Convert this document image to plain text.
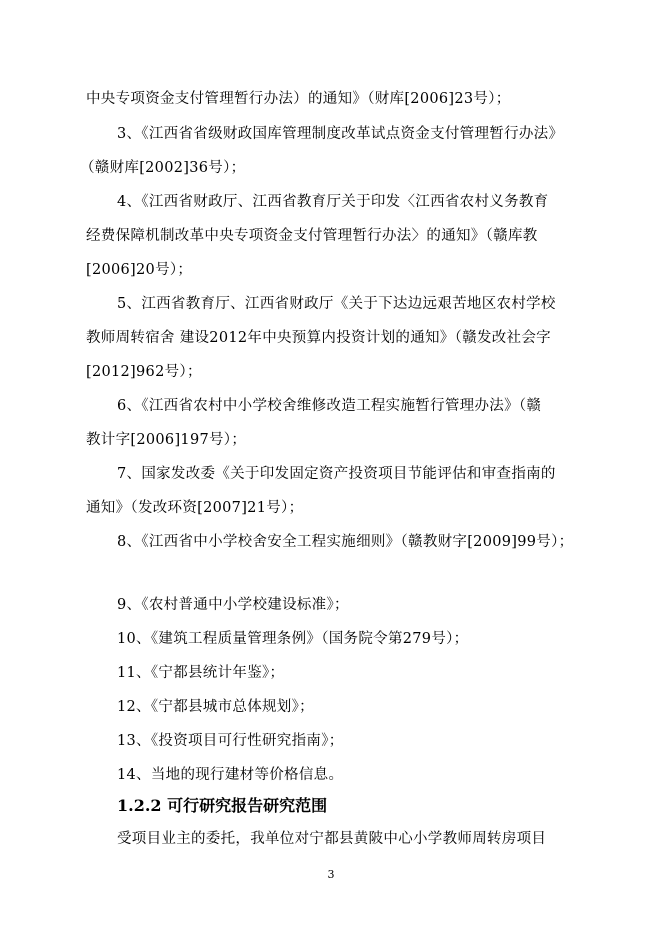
中央专项资金支付管理暂行办法）的通知》（财库[2006]23号）；
3、《江西省省级财政国库管理制度改革试点资金支付管理暂行办法》
（赣财库[2002]36号）；
4、《江西省财政厅、江西省教育厅关于印发〈江西省农村义务教育
经费保障机制改革中央专项资金支付管理暂行办法〉的通知》（赣库教
[2006]20号）；
5、江西省教育厅、江西省财政厅《关于下达边远艰苦地区农村学校
教师周转宿舍 建设2012年中央预算内投资计划的通知》（赣发改社会字
[2012]962号）；
6、《江西省农村中小学校舍维修改造工程实施暂行管理办法》（赣
教计字[2006]197号）；
7、国家发改委《关于印发固定资产投资项目节能评估和审查指南的
通知》（发改环资[2007]21号）；
8、《江西省中小学校舍安全工程实施细则》（赣教财字[2009]99号）；
9、《农村普通中小学校建设标准》；
10、《建筑工程质量管理条例》（国务院令第279号）；
11、《宁都县统计年鉴》；
12、《宁都县城市总体规划》；
13、《投资项目可行性研究指南》；
14、当地的现行建材等价格信息。
1.2.2 可行研究报告研究范围
受项目业主的委托，我单位对宁都县黄陂中心小学教师周转房项目
3
